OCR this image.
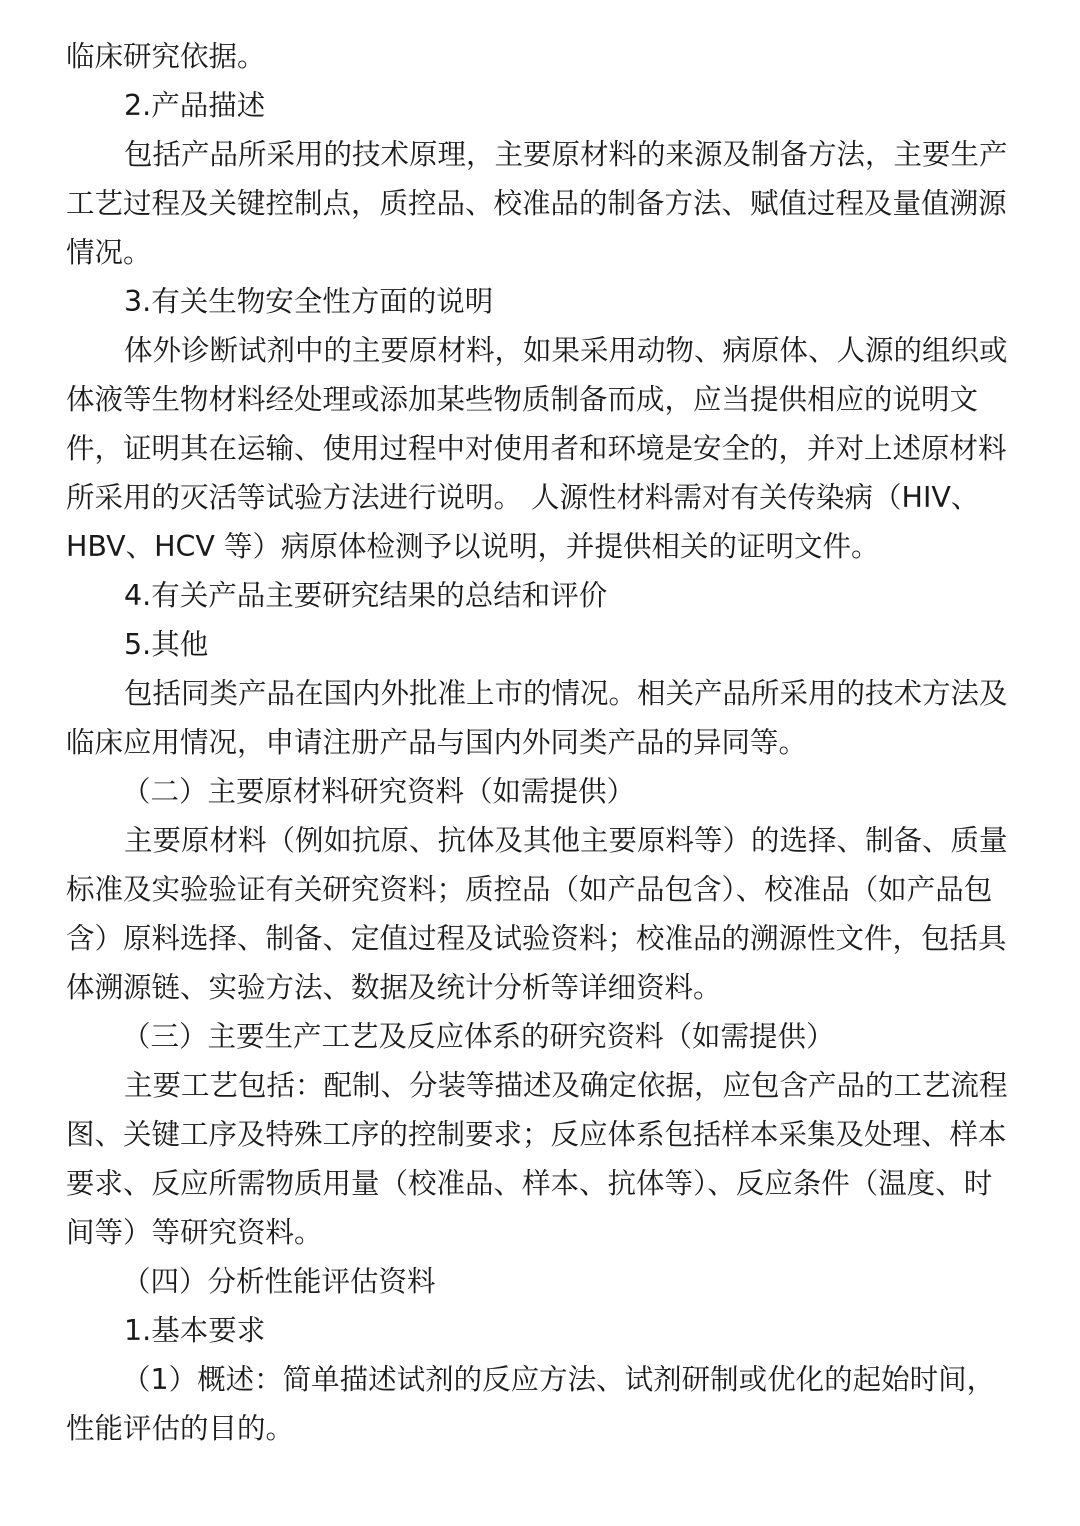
临床研究依据。
2.产品描述
包括产品所采用的技术原理，主要原材料的来源及制备方法，主要生产
工艺过程及关键控制点，质控品、校准品的制备方法、赋值过程及量值溯源
情况。
3.有关生物安全性方面的说明
体外诊断试剂中的主要原材料，如果采用动物、病原体、人源的组织或
体液等生物材料经处理或添加某些物质制备而成，应当提供相应的说明文
件，证明其在运输、使用过程中对使用者和环境是安全的，并对上述原材料
所采用的灭活等试验方法进行说明。 人源性材料需对有关传染病（HIV、
HBV、HCV 等）病原体检测予以说明，并提供相关的证明文件。
4.有关产品主要研究结果的总结和评价
5.其他
包括同类产品在国内外批准上市的情况。相关产品所采用的技术方法及
临床应用情况，申请注册产品与国内外同类产品的异同等。
（二）主要原材料研究资料（如需提供）
主要原材料（例如抗原、抗体及其他主要原料等）的选择、制备、质量
标准及实验验证有关研究资料；质控品（如产品包含）、校准品（如产品包
含）原料选择、制备、定值过程及试验资料；校准品的溯源性文件，包括具
体溯源链、实验方法、数据及统计分析等详细资料。
（三）主要生产工艺及反应体系的研究资料（如需提供）
主要工艺包括：配制、分装等描述及确定依据，应包含产品的工艺流程
图、关键工序及特殊工序的控制要求；反应体系包括样本采集及处理、样本
要求、反应所需物质用量（校准品、样本、抗体等）、反应条件（温度、时
间等）等研究资料。
（四）分析性能评估资料
1.基本要求
（1）概述：简单描述试剂的反应方法、试剂研制或优化的起始时间，
性能评估的目的。
